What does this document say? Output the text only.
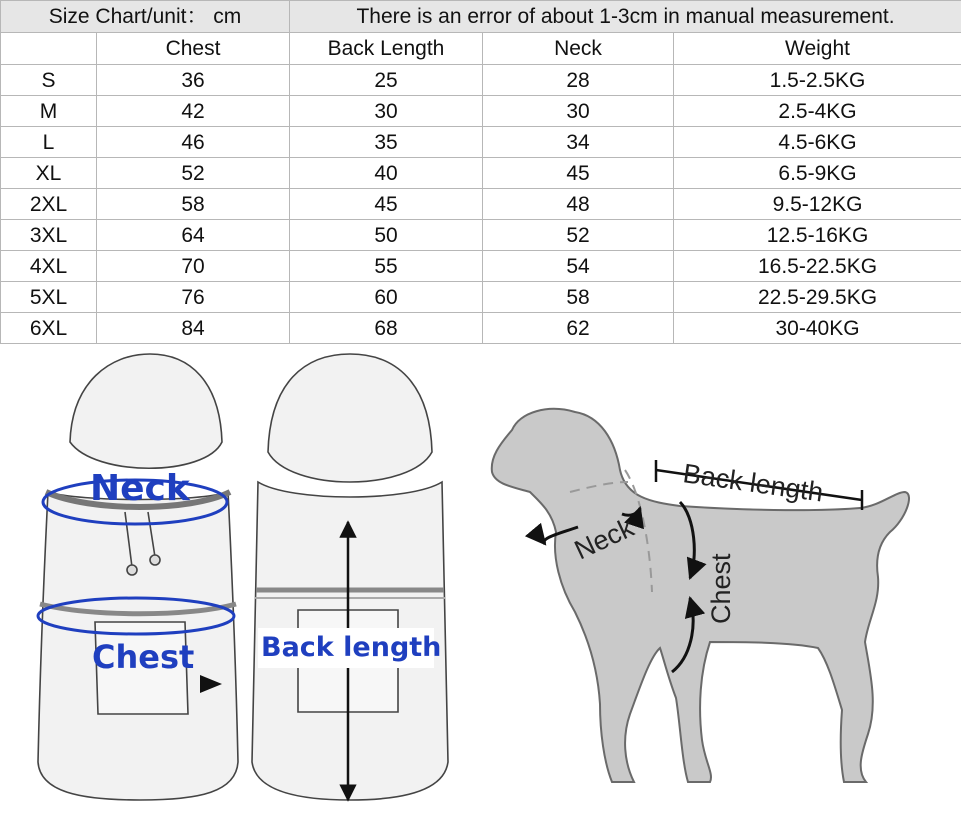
Size Chart/unit： cm		There is an error of about 1-3cm in manual measurement.		
	Chest	Back Length	Neck	Weight
S	36	25	28	1.5-2.5KG
M	42	30	30	2.5-4KG
L	46	35	34	4.5-6KG
XL	52	40	45	6.5-9KG
2XL	58	45	48	9.5-12KG
3XL	64	50	52	12.5-16KG
4XL	70	55	54	16.5-22.5KG
5XL	76	60	58	22.5-29.5KG
6XL	84	68	62	30-40KG
Neck
Chest Back length
Back length
Neck
Chest
